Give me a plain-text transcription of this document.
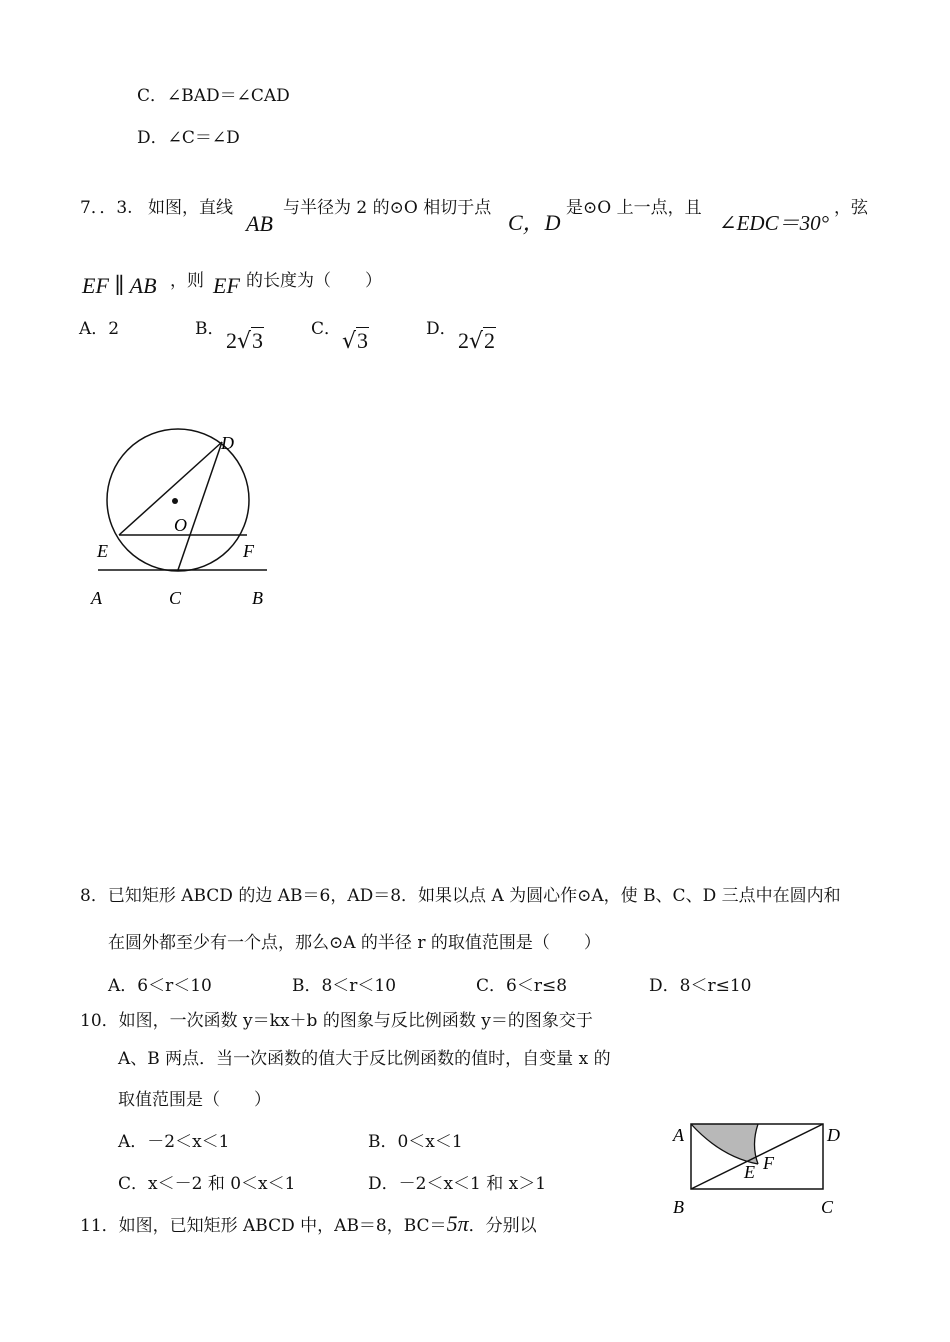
C．∠BAD＝∠CAD
D．∠C＝∠D
7．．3. 如图，直线
AB
与半径为 2 的⊙O 相切于点
C，D
是⊙O 上一点，且
∠EDC＝30°
，弦
EF ∥ AB ，则 EF 的长度为（　　）
A．2	B． 2√3	C． √3	D． 2√2
D
O
E	F
A	C	B
8．已知矩形 ABCD 的边 AB＝6，AD＝8．如果以点 A 为圆心作⊙A，使 B、C、D 三点中在圆内和
在圆外都至少有一个点，那么⊙A 的半径 r 的取值范围是（　　）
A．6＜r＜10	B．8＜r＜10	C．6＜r≤8	D．8＜r≤10
10．如图，一次函数 y＝kx＋b 的图象与反比例函数 y＝的图象交于
A、B 两点．当一次函数的值大于反比例函数的值时，自变量 x 的
取值范围是（　　）
A．－2＜x＜1	B．0＜x＜1
C．x＜－2 和 0＜x＜1	D．－2＜x＜1 和 x＞1
11．如图，已知矩形 ABCD 中，AB＝8，BC＝5π．分别以
A	D
B	C
E F
